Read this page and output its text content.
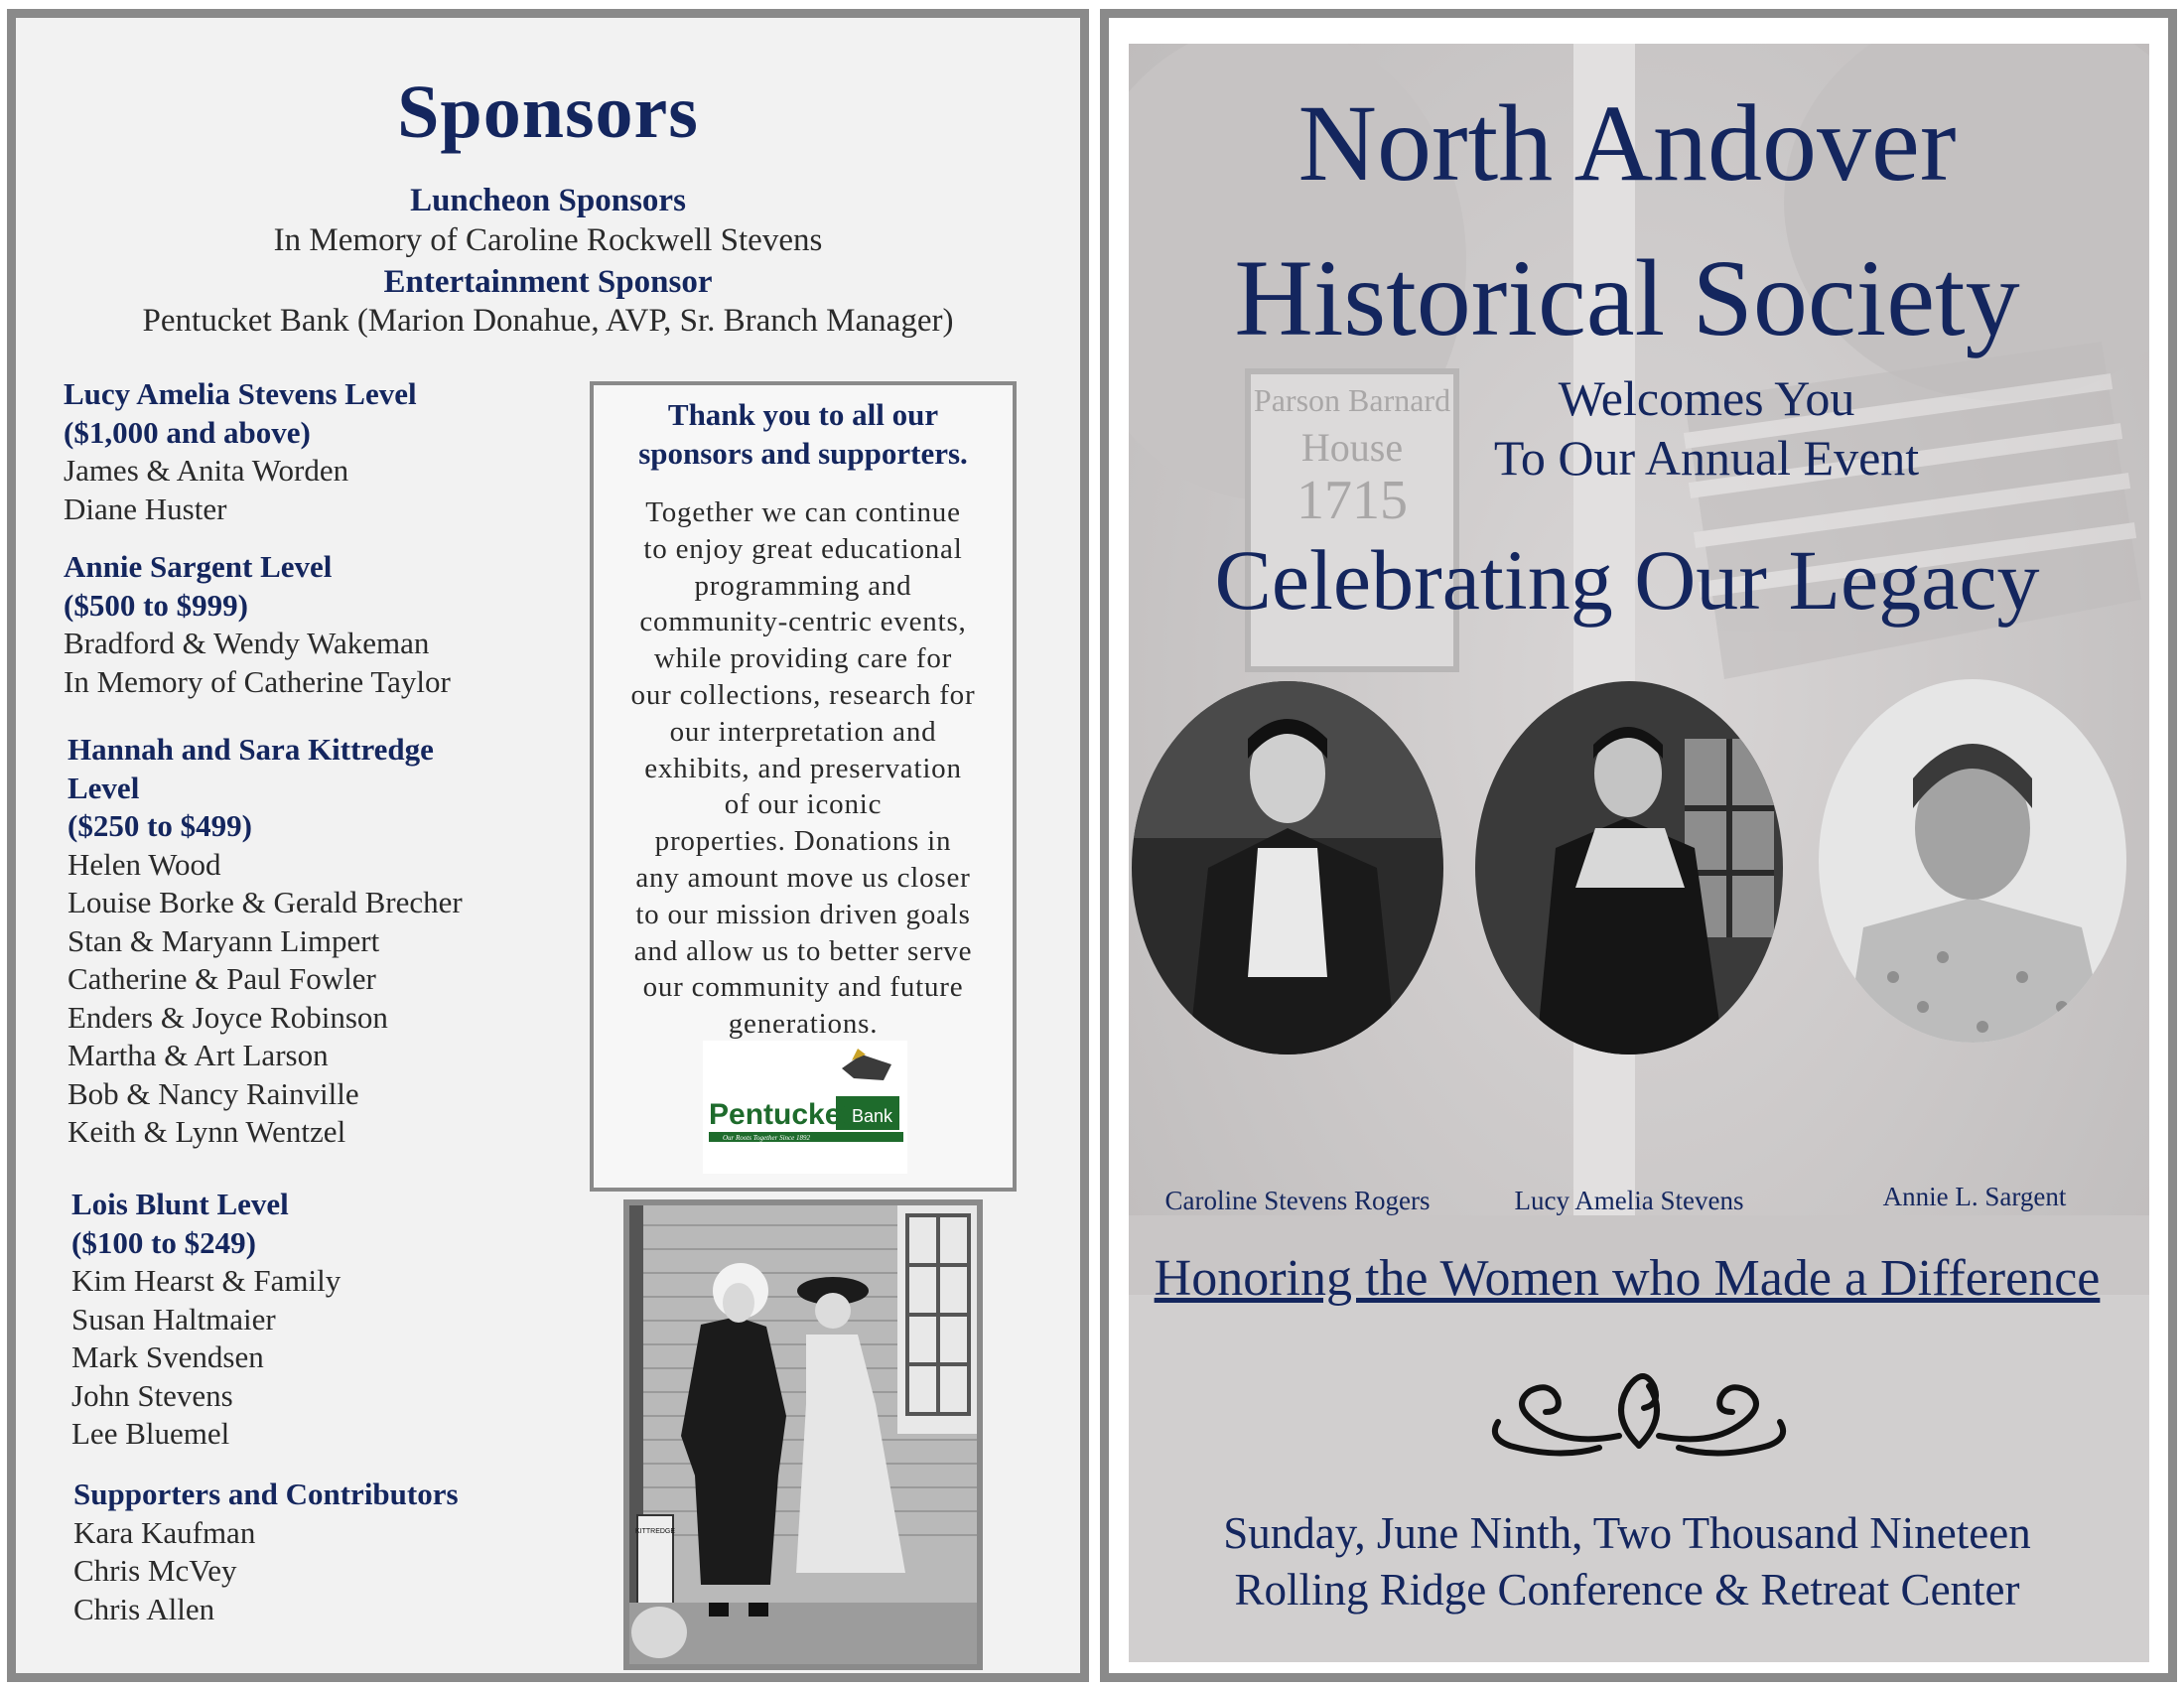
Sponsors
Luncheon Sponsors
In Memory of Caroline Rockwell Stevens
Entertainment Sponsor
Pentucket Bank (Marion Donahue, AVP, Sr. Branch Manager)
Lucy Amelia Stevens Level
($1,000 and above)
James & Anita Worden
Diane Huster
Annie Sargent Level
($500 to $999)
Bradford & Wendy Wakeman
In Memory of Catherine Taylor
Hannah and Sara Kittredge
Level
($250 to $499)
Helen Wood
Louise Borke & Gerald Brecher
Stan & Maryann Limpert
Catherine & Paul Fowler
Enders & Joyce Robinson
Martha & Art Larson
Bob & Nancy Rainville
Keith & Lynn Wentzel
Lois Blunt Level
($100 to $249)
Kim Hearst & Family
Susan Haltmaier
Mark Svendsen
John Stevens
Lee Bluemel
Supporters and Contributors
Kara Kaufman
Chris McVey
Chris Allen
Thank you to all our
sponsors and supporters.
Together we can continue
to enjoy great educational
programming and
community-centric events,
while providing care for
our collections, research for
our interpretation and
exhibits, and preservation
of our iconic
properties. Donations in
any amount move us closer
to our mission driven goals
and allow us to better serve
our community and future
generations.
Pentucket Bank
Our Roots Together Since 1892
KITTREDGE
Parson Barnard
House
1715
North Andover
Historical Society
Welcomes You
To Our Annual Event
Celebrating Our Legacy
Caroline Stevens Rogers	Lucy Amelia Stevens	Annie L. Sargent
Honoring the Women who Made a Difference
Sunday, June Ninth, Two Thousand Nineteen
Rolling Ridge Conference & Retreat Center
